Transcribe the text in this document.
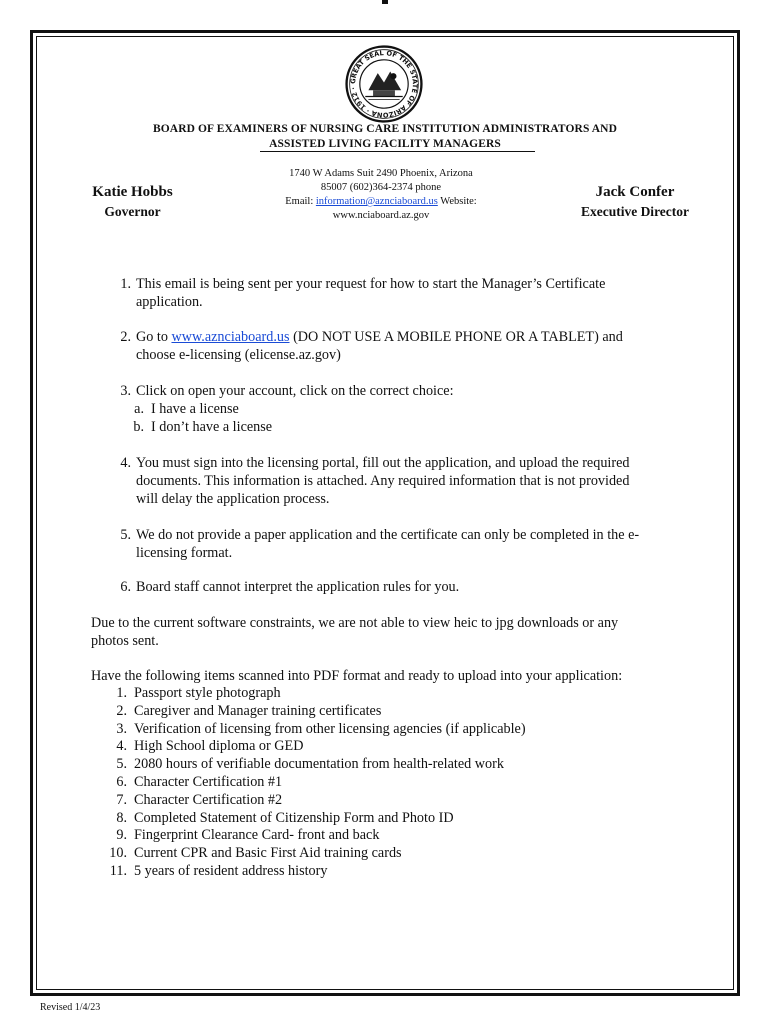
GREAT SEAL OF THE STATE OF ARIZONA · 1912 ·
BOARD OF EXAMINERS OF NURSING CARE INSTITUTION ADMINISTRATORS AND
ASSISTED LIVING FACILITY MANAGERS
Katie Hobbs
Governor
1740 W Adams Suit 2490 Phoenix, Arizona
85007 (602)364-2374 phone
Email: information@aznciaboard.us Website:
www.nciaboard.az.gov
Jack Confer
Executive Director
1. This email is being sent per your request for how to start the Manager’s Certificate
application.
2. Go to www.aznciaboard.us (DO NOT USE A MOBILE PHONE OR A TABLET) and
choose e-licensing (elicense.az.gov)
3. Click on open your account, click on the correct choice:
a. I have a license
b. I don’t have a license
4. You must sign into the licensing portal, fill out the application, and upload the required
documents. This information is attached. Any required information that is not provided
will delay the application process.
5. We do not provide a paper application and the certificate can only be completed in the e-
licensing format.
6. Board staff cannot interpret the application rules for you.
Due to the current software constraints, we are not able to view heic to jpg downloads or any
photos sent.
Have the following items scanned into PDF format and ready to upload into your application:
1. Passport style photograph
2. Caregiver and Manager training certificates
3. Verification of licensing from other licensing agencies (if applicable)
4. High School diploma or GED
5. 2080 hours of verifiable documentation from health-related work
6. Character Certification #1
7. Character Certification #2
8. Completed Statement of Citizenship Form and Photo ID
9. Fingerprint Clearance Card- front and back
10. Current CPR and Basic First Aid training cards
11. 5 years of resident address history
Revised 1/4/23
